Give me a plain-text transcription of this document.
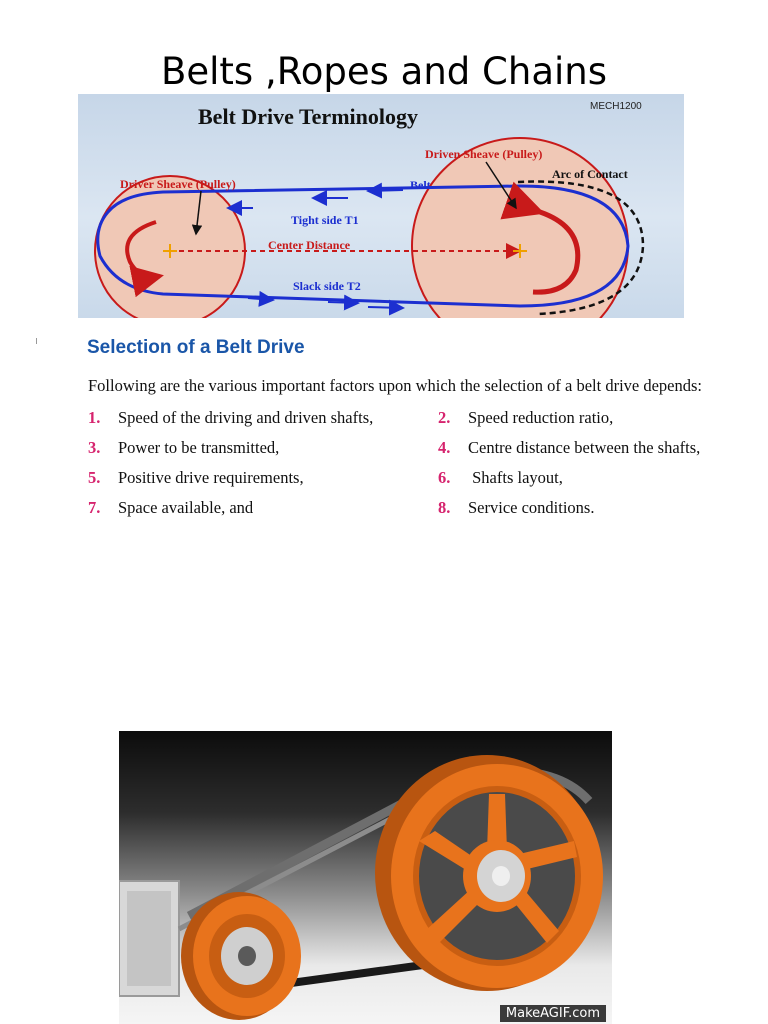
Belts ,Ropes and Chains
Belt Drive Terminology	MECH1200
Driven Sheave (Pulley)
Arc of Contact
Driver Sheave (Pulley)	Belt
Tight side T1
Center Distance
Slack side T2
Selection of a Belt Drive
Following are the various important factors upon which the selection of a belt drive depends:
1. Speed of the driving and driven shafts,	2. Speed reduction ratio,
3. Power to be transmitted,	4. Centre distance between the shafts,
5. Positive drive requirements,	6. Shafts layout,
7. Space available, and	8. Service conditions.
MakeAGIF.com
